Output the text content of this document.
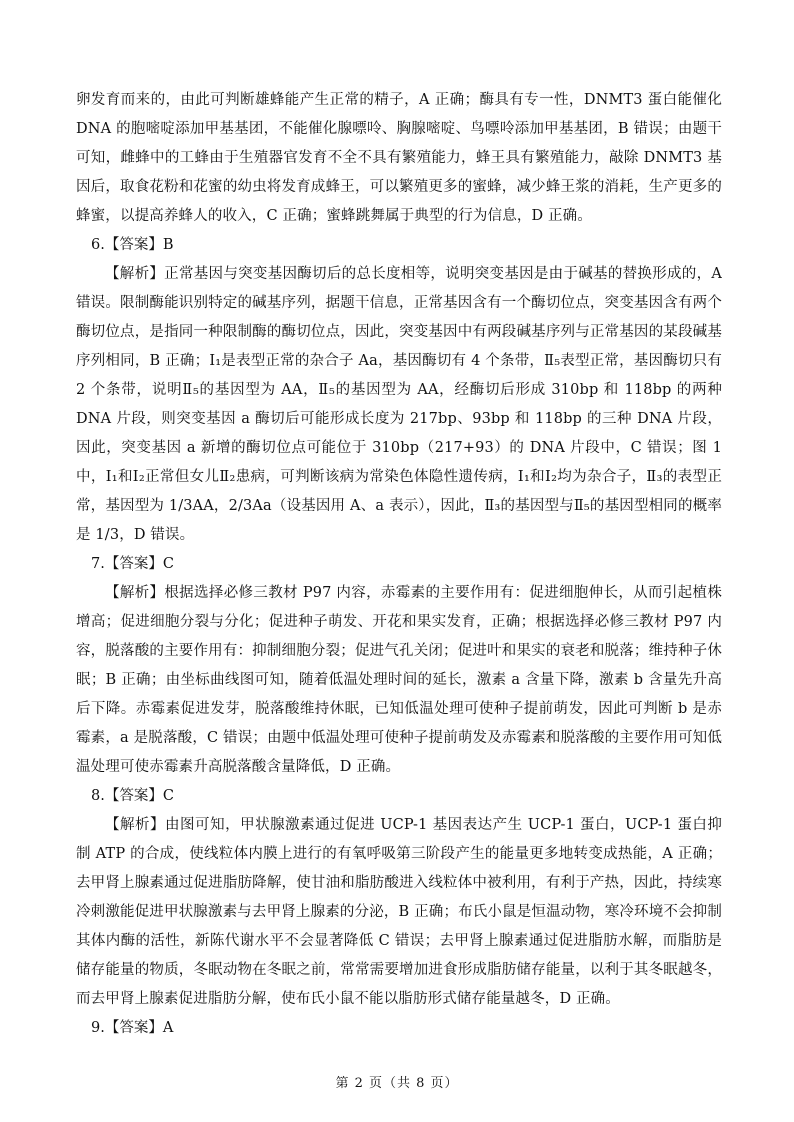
卵发育而来的，由此可判断雄蜂能产生正常的精子，A 正确；酶具有专一性，DNMT3 蛋白能催化 DNA 的胞嘧啶添加甲基基团，不能催化腺嘌呤、胸腺嘧啶、鸟嘌呤添加甲基基团，B 错误；由题干可知，雌蜂中的工蜂由于生殖器官发育不全不具有繁殖能力，蜂王具有繁殖能力，敲除 DNMT3 基因后，取食花粉和花蜜的幼虫将发育成蜂王，可以繁殖更多的蜜蜂，减少蜂王浆的消耗，生产更多的蜂蜜，以提高养蜂人的收入，C 正确；蜜蜂跳舞属于典型的行为信息，D 正确。

6.【答案】B

【解析】正常基因与突变基因酶切后的总长度相等，说明突变基因是由于碱基的替换形成的，A 错误。限制酶能识别特定的碱基序列，据题干信息，正常基因含有一个酶切位点，突变基因含有两个酶切位点，是指同一种限制酶的酶切位点，因此，突变基因中有两段碱基序列与正常基因的某段碱基序列相同，B 正确；Ⅰ₁是表型正常的杂合子 Aa，基因酶切有 4 个条带，Ⅱ₅表型正常，基因酶切只有 2 个条带，说明Ⅱ₅的基因型为 AA，Ⅱ₅的基因型为 AA，经酶切后形成 310bp 和 118bp 的两种 DNA 片段，则突变基因 a 酶切后可能形成长度为 217bp、93bp 和 118bp 的三种 DNA 片段，因此，突变基因 a 新增的酶切位点可能位于 310bp（217+93）的 DNA 片段中，C 错误；图 1 中，Ⅰ₁和Ⅰ₂正常但女儿Ⅱ₂患病，可判断该病为常染色体隐性遗传病，Ⅰ₁和Ⅰ₂均为杂合子，Ⅱ₃的表型正常，基因型为 1/3AA，2/3Aa（设基因用 A、a 表示），因此，Ⅱ₃的基因型与Ⅱ₅的基因型相同的概率是 1/3，D 错误。

7.【答案】C

【解析】根据选择必修三教材 P97 内容，赤霉素的主要作用有：促进细胞伸长，从而引起植株增高；促进细胞分裂与分化；促进种子萌发、开花和果实发育，正确；根据选择必修三教材 P97 内容，脱落酸的主要作用有：抑制细胞分裂；促进气孔关闭；促进叶和果实的衰老和脱落；维持种子休眠；B 正确；由坐标曲线图可知，随着低温处理时间的延长，激素 a 含量下降，激素 b 含量先升高后下降。赤霉素促进发芽，脱落酸维持休眠，已知低温处理可使种子提前萌发，因此可判断 b 是赤霉素，a 是脱落酸，C 错误；由题中低温处理可使种子提前萌发及赤霉素和脱落酸的主要作用可知低温处理可使赤霉素升高脱落酸含量降低，D 正确。

8.【答案】C

【解析】由图可知，甲状腺激素通过促进 UCP-1 基因表达产生 UCP-1 蛋白，UCP-1 蛋白抑制 ATP 的合成，使线粒体内膜上进行的有氧呼吸第三阶段产生的能量更多地转变成热能，A 正确；去甲肾上腺素通过促进脂肪降解，使甘油和脂肪酸进入线粒体中被利用，有利于产热，因此，持续寒冷刺激能促进甲状腺激素与去甲肾上腺素的分泌，B 正确；布氏小鼠是恒温动物，寒冷环境不会抑制其体内酶的活性，新陈代谢水平不会显著降低 C 错误；去甲肾上腺素通过促进脂肪水解，而脂肪是储存能量的物质，冬眠动物在冬眠之前，常常需要增加进食形成脂肪储存能量，以利于其冬眠越冬，而去甲肾上腺素促进脂肪分解，使布氏小鼠不能以脂肪形式储存能量越冬，D 正确。

9.【答案】A

第 2 页（共 8 页）
